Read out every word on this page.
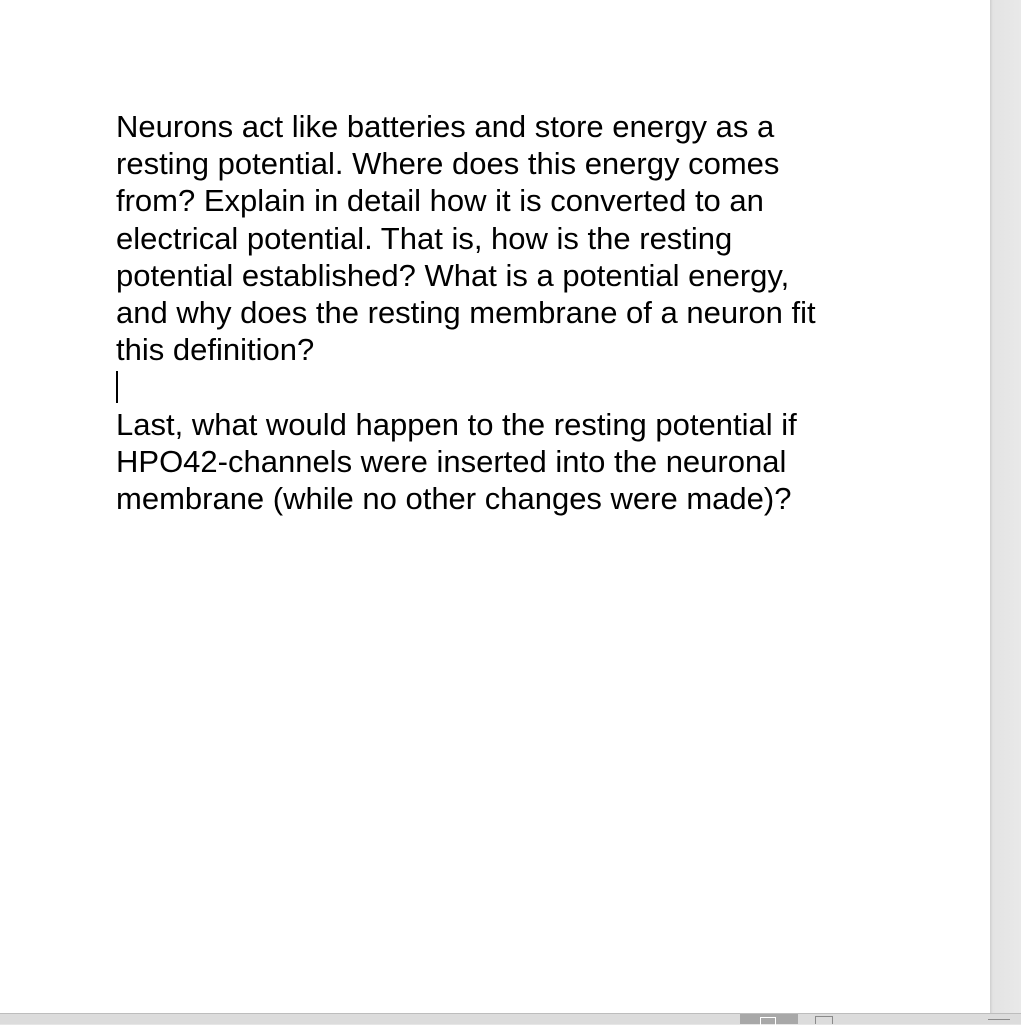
Neurons act like batteries and store energy as a
resting potential. Where does this energy comes
from? Explain in detail how it is converted to an
electrical potential. That is, how is the resting
potential established? What is a potential energy,
and why does the resting membrane of a neuron fit
this definition?
Last, what would happen to the resting potential if
HPO42-channels were inserted into the neuronal
membrane (while no other changes were made)?
